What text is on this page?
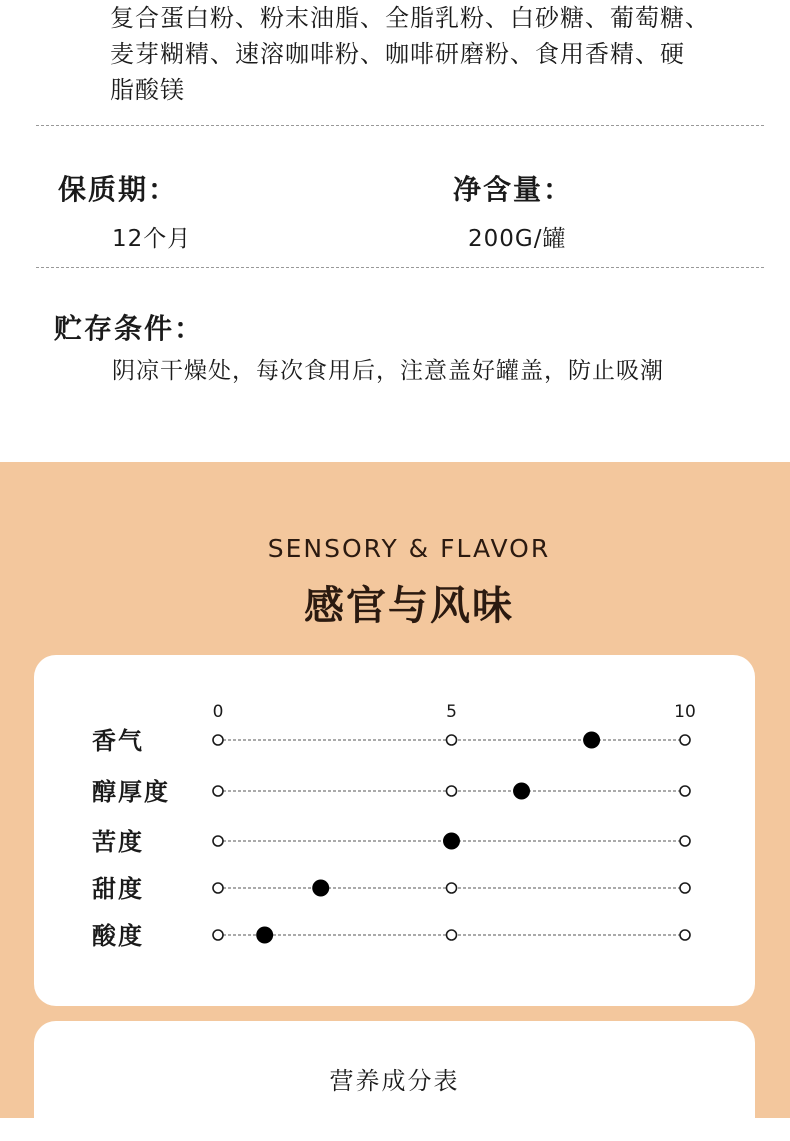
复合蛋白粉、粉末油脂、全脂乳粉、白砂糖、葡萄糖、
麦芽糊精、速溶咖啡粉、咖啡研磨粉、食用香精、硬
脂酸镁
保质期：
12个月
净含量：
200G/罐
贮存条件：
阴凉干燥处，每次食用后，注意盖好罐盖，防止吸潮
SENSORY & FLAVOR
感官与风味
0	5	10
香气
醇厚度
苦度
甜度
酸度
营养成分表
